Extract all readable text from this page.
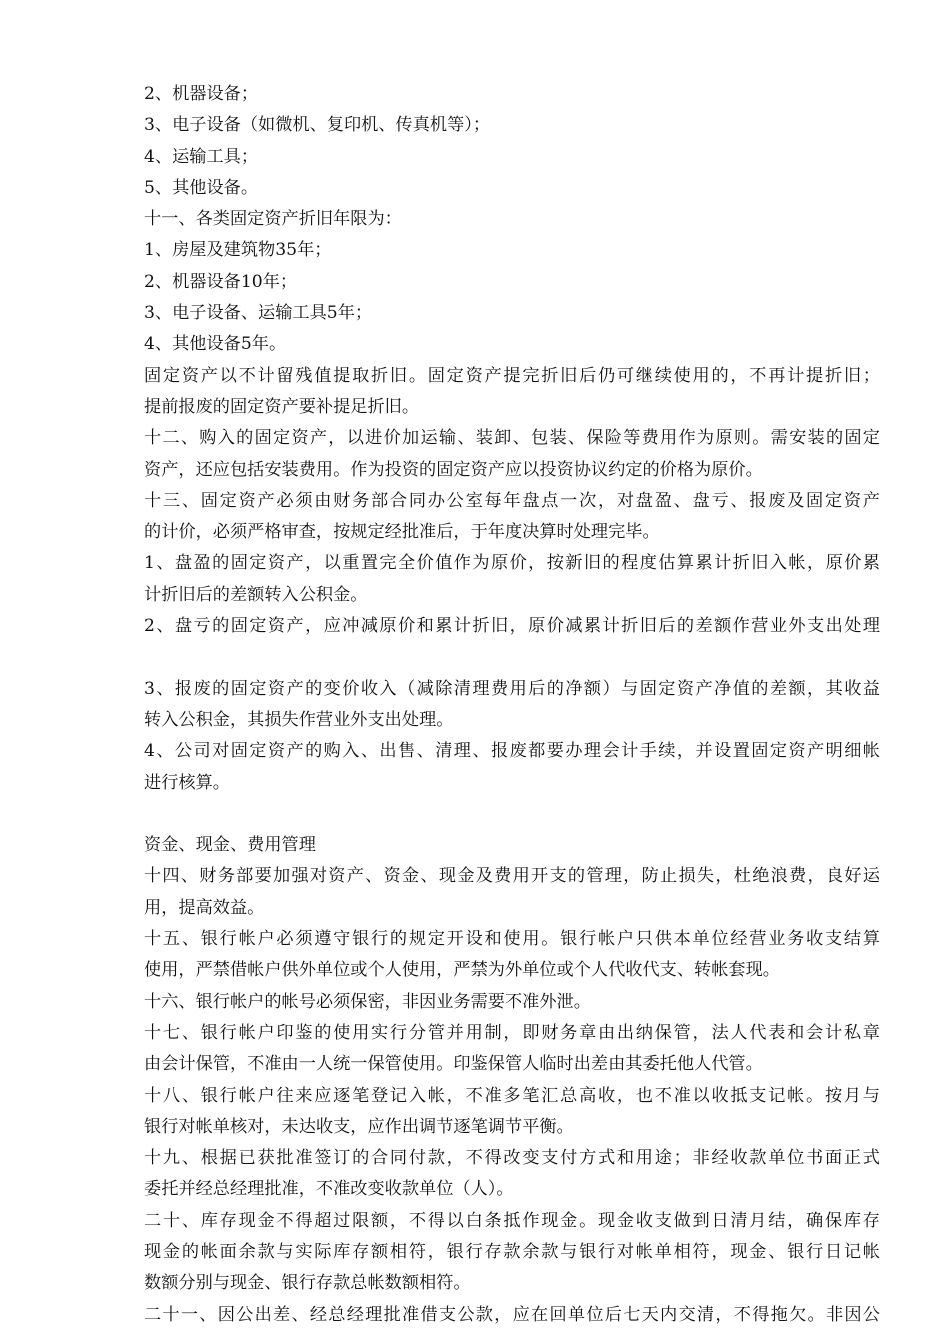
2、机器设备；
3、电子设备（如微机、复印机、传真机等）；
4、运输工具；
5、其他设备。
十一、各类固定资产折旧年限为：
1、房屋及建筑物35年；
2、机器设备10年；
3、电子设备、运输工具5年；
4、其他设备5年。
固定资产以不计留残值提取折旧。固定资产提完折旧后仍可继续使用的，不再计提折旧；
提前报废的固定资产要补提足折旧。
十二、购入的固定资产，以进价加运输、装卸、包装、保险等费用作为原则。需安装的固定
资产，还应包括安装费用。作为投资的固定资产应以投资协议约定的价格为原价。
十三、固定资产必须由财务部合同办公室每年盘点一次，对盘盈、盘亏、报废及固定资产
的计价，必须严格审查，按规定经批准后，于年度决算时处理完毕。
1、盘盈的固定资产，以重置完全价值作为原价，按新旧的程度估算累计折旧入帐，原价累
计折旧后的差额转入公积金。
2、盘亏的固定资产，应冲减原价和累计折旧，原价减累计折旧后的差额作营业外支出处理
3、报废的固定资产的变价收入（减除清理费用后的净额）与固定资产净值的差额，其收益
转入公积金，其损失作营业外支出处理。
4、公司对固定资产的购入、出售、清理、报废都要办理会计手续，并设置固定资产明细帐
进行核算。
资金、现金、费用管理
十四、财务部要加强对资产、资金、现金及费用开支的管理，防止损失，杜绝浪费，良好运
用，提高效益。
十五、银行帐户必须遵守银行的规定开设和使用。银行帐户只供本单位经营业务收支结算
使用，严禁借帐户供外单位或个人使用，严禁为外单位或个人代收代支、转帐套现。
十六、银行帐户的帐号必须保密，非因业务需要不准外泄。
十七、银行帐户印鉴的使用实行分管并用制，即财务章由出纳保管，法人代表和会计私章
由会计保管，不准由一人统一保管使用。印鉴保管人临时出差由其委托他人代管。
十八、银行帐户往来应逐笔登记入帐，不准多笔汇总高收，也不准以收抵支记帐。按月与
银行对帐单核对，未达收支，应作出调节逐笔调节平衡。
十九、根据已获批准签订的合同付款，不得改变支付方式和用途；非经收款单位书面正式
委托并经总经理批准，不准改变收款单位（人）。
二十、库存现金不得超过限额，不得以白条抵作现金。现金收支做到日清月结，确保库存
现金的帐面余款与实际库存额相符，银行存款余款与银行对帐单相符，现金、银行日记帐
数额分别与现金、银行存款总帐数额相符。
二十一、因公出差、经总经理批准借支公款，应在回单位后七天内交清，不得拖欠。非因公
